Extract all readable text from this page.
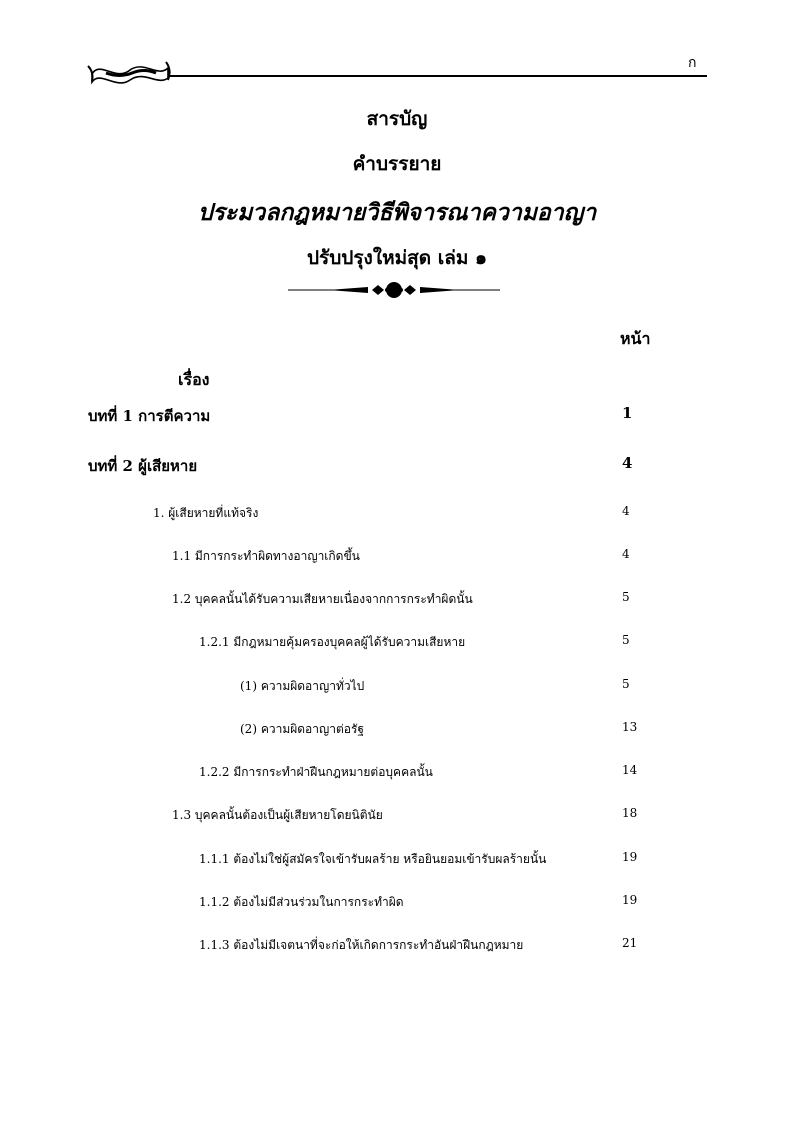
ก
สารบัญ
คำบรรยาย
ประมวลกฎหมายวิธีพิจารณาความอาญา
ปรับปรุงใหม่สุด เล่ม ๑
หน้า
เรื่อง
บทที่ 1 การตีความ	1
บทที่ 2 ผู้เสียหาย	4
1. ผู้เสียหายที่แท้จริง	4
1.1 มีการกระทำผิดทางอาญาเกิดขึ้น	4
1.2 บุคคลนั้นได้รับความเสียหายเนื่องจากการกระทำผิดนั้น	5
1.2.1 มีกฎหมายคุ้มครองบุคคลผู้ได้รับความเสียหาย	5
(1) ความผิดอาญาทั่วไป	5
(2) ความผิดอาญาต่อรัฐ	13
1.2.2 มีการกระทำฝ่าฝืนกฎหมายต่อบุคคลนั้น	14
1.3 บุคคลนั้นต้องเป็นผู้เสียหายโดยนิตินัย	18
1.1.1 ต้องไม่ใช่ผู้สมัครใจเข้ารับผลร้าย หรือยินยอมเข้ารับผลร้ายนั้น	19
1.1.2 ต้องไม่มีส่วนร่วมในการกระทำผิด	19
1.1.3 ต้องไม่มีเจตนาที่จะก่อให้เกิดการกระทำอันฝ่าฝืนกฎหมาย	21
